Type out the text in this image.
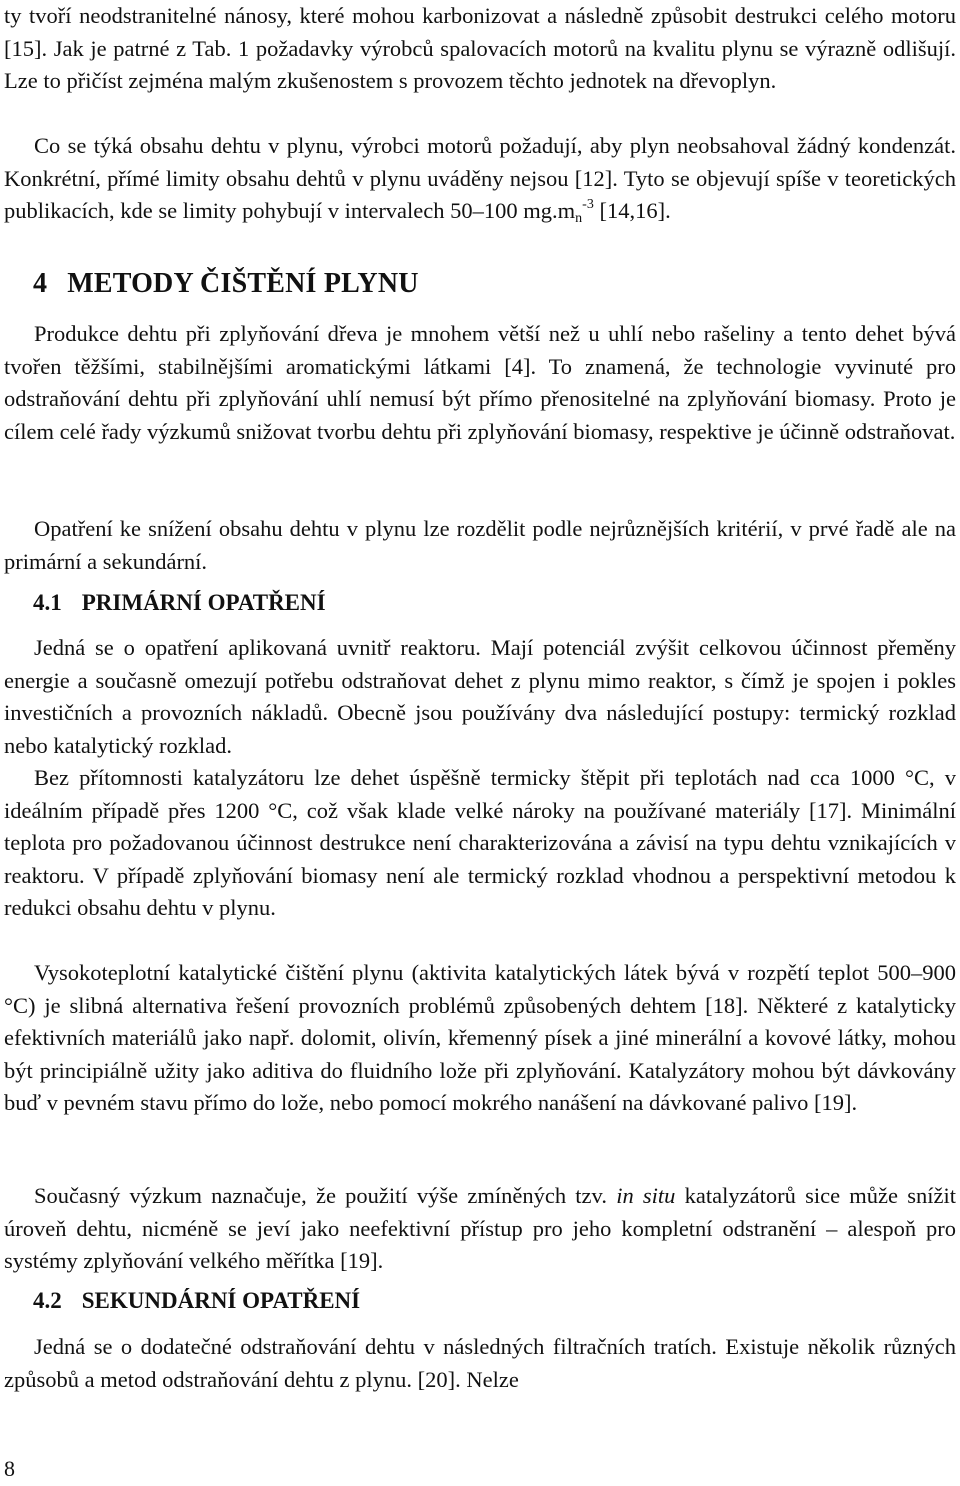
ty tvoří neodstranitelné nánosy, které mohou karbonizovat a následně způsobit destrukci celého motoru [15]. Jak je patrné z Tab. 1 požadavky výrobců spalovacích motorů na kvalitu plynu se výrazně odlišují. Lze to přičíst zejména malým zkušenostem s provozem těchto jednotek na dřevoplyn.

Co se týká obsahu dehtu v plynu, výrobci motorů požadují, aby plyn neobsahoval žádný kondenzát. Konkrétní, přímé limity obsahu dehtů v plynu uváděny nejsou [12]. Tyto se objevují spíše v teoretických publikacích, kde se limity pohybují v intervalech 50–100 $mg.m_n^{-3}$ [14,16].

4 METODY ČIŠTĚNÍ PLYNU

Produkce dehtu při zplyňování dřeva je mnohem větší než u uhlí nebo rašeliny a tento dehet bývá tvořen těžšími, stabilnějšími aromatickými látkami [4]. To znamená, že technologie vyvinuté pro odstraňování dehtu při zplyňování uhlí nemusí být přímo přenositelné na zplyňování biomasy. Proto je cílem celé řady výzkumů snižovat tvorbu dehtu při zplyňování biomasy, respektive je účinně odstraňovat.

Opatření ke snížení obsahu dehtu v plynu lze rozdělit podle nejrůznějších kritérií, v prvé řadě ale na primární a sekundární.

4.1 PRIMÁRNÍ OPATŘENÍ

Jedná se o opatření aplikovaná uvnitř reaktoru. Mají potenciál zvýšit celkovou účinnost přeměny energie a současně omezují potřebu odstraňovat dehet z plynu mimo reaktor, s čímž je spojen i pokles investičních a provozních nákladů. Obecně jsou používány dva následující postupy: termický rozklad nebo katalytický rozklad.

Bez přítomnosti katalyzátoru lze dehet úspěšně termicky štěpit při teplotách nad cca 1000 °C, v ideálním případě přes 1200 °C, což však klade velké nároky na používané materiály [17]. Minimální teplota pro požadovanou účinnost destrukce není charakterizována a závisí na typu dehtu vznikajících v reaktoru. V případě zplyňování biomasy není ale termický rozklad vhodnou a perspektivní metodou k redukci obsahu dehtu v plynu.

Vysokoteplotní katalytické čištění plynu (aktivita katalytických látek bývá v rozpětí teplot 500–900 °C) je slibná alternativa řešení provozních problémů způsobených dehtem [18]. Některé z katalyticky efektivních materiálů jako např. dolomit, olivín, křemenný písek a jiné minerální a kovové látky, mohou být principiálně užity jako aditiva do fluidního lože při zplyňování. Katalyzátory mohou být dávkovány buď v pevném stavu přímo do lože, nebo pomocí mokrého nanášení na dávkované palivo [19].

Současný výzkum naznačuje, že použití výše zmíněných tzv. in situ katalyzátorů sice může snížit úroveň dehtu, nicméně se jeví jako neefektivní přístup pro jeho kompletní odstranění – alespoň pro systémy zplyňování velkého měřítka [19].

4.2 SEKUNDÁRNÍ OPATŘENÍ

Jedná se o dodatečné odstraňování dehtu v následných filtračních tratích. Existuje několik různých způsobů a metod odstraňování dehtu z plynu. [20]. Nelze

8
